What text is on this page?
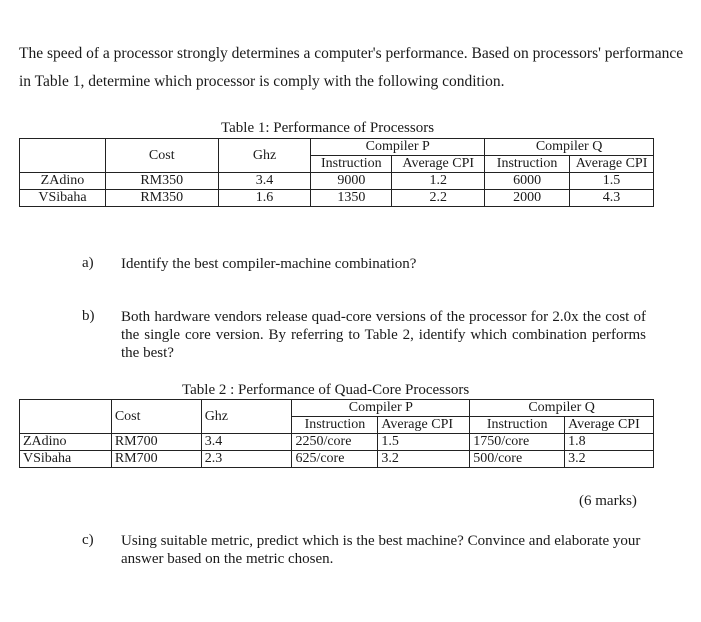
The speed of a processor strongly determines a computer's performance. Based on processors' performance in Table 1, determine which processor is comply with the following condition.
Table 1: Performance of Processors
	Cost	Ghz	Compiler P		Compiler Q	
			Instruction	Average CPI	Instruction	Average CPI
ZAdino	RM350	3.4	9000	1.2	6000	1.5
VSibaha	RM350	1.6	1350	2.2	2000	4.3
a) Identify the best compiler-machine combination?
b) Both hardware vendors release quad-core versions of the processor for 2.0x the cost of the single core version. By referring to Table 2, identify which combination performs the best?
Table 2 : Performance of Quad-Core Processors
	Cost	Ghz	Compiler P		Compiler Q	
			Instruction	Average CPI	Instruction	Average CPI
ZAdino	RM700	3.4	2250/core	1.5	1750/core	1.8
VSibaha	RM700	2.3	625/core	3.2	500/core	3.2
(6 marks)
c) Using suitable metric, predict which is the best machine? Convince and elaborate your answer based on the metric chosen.
